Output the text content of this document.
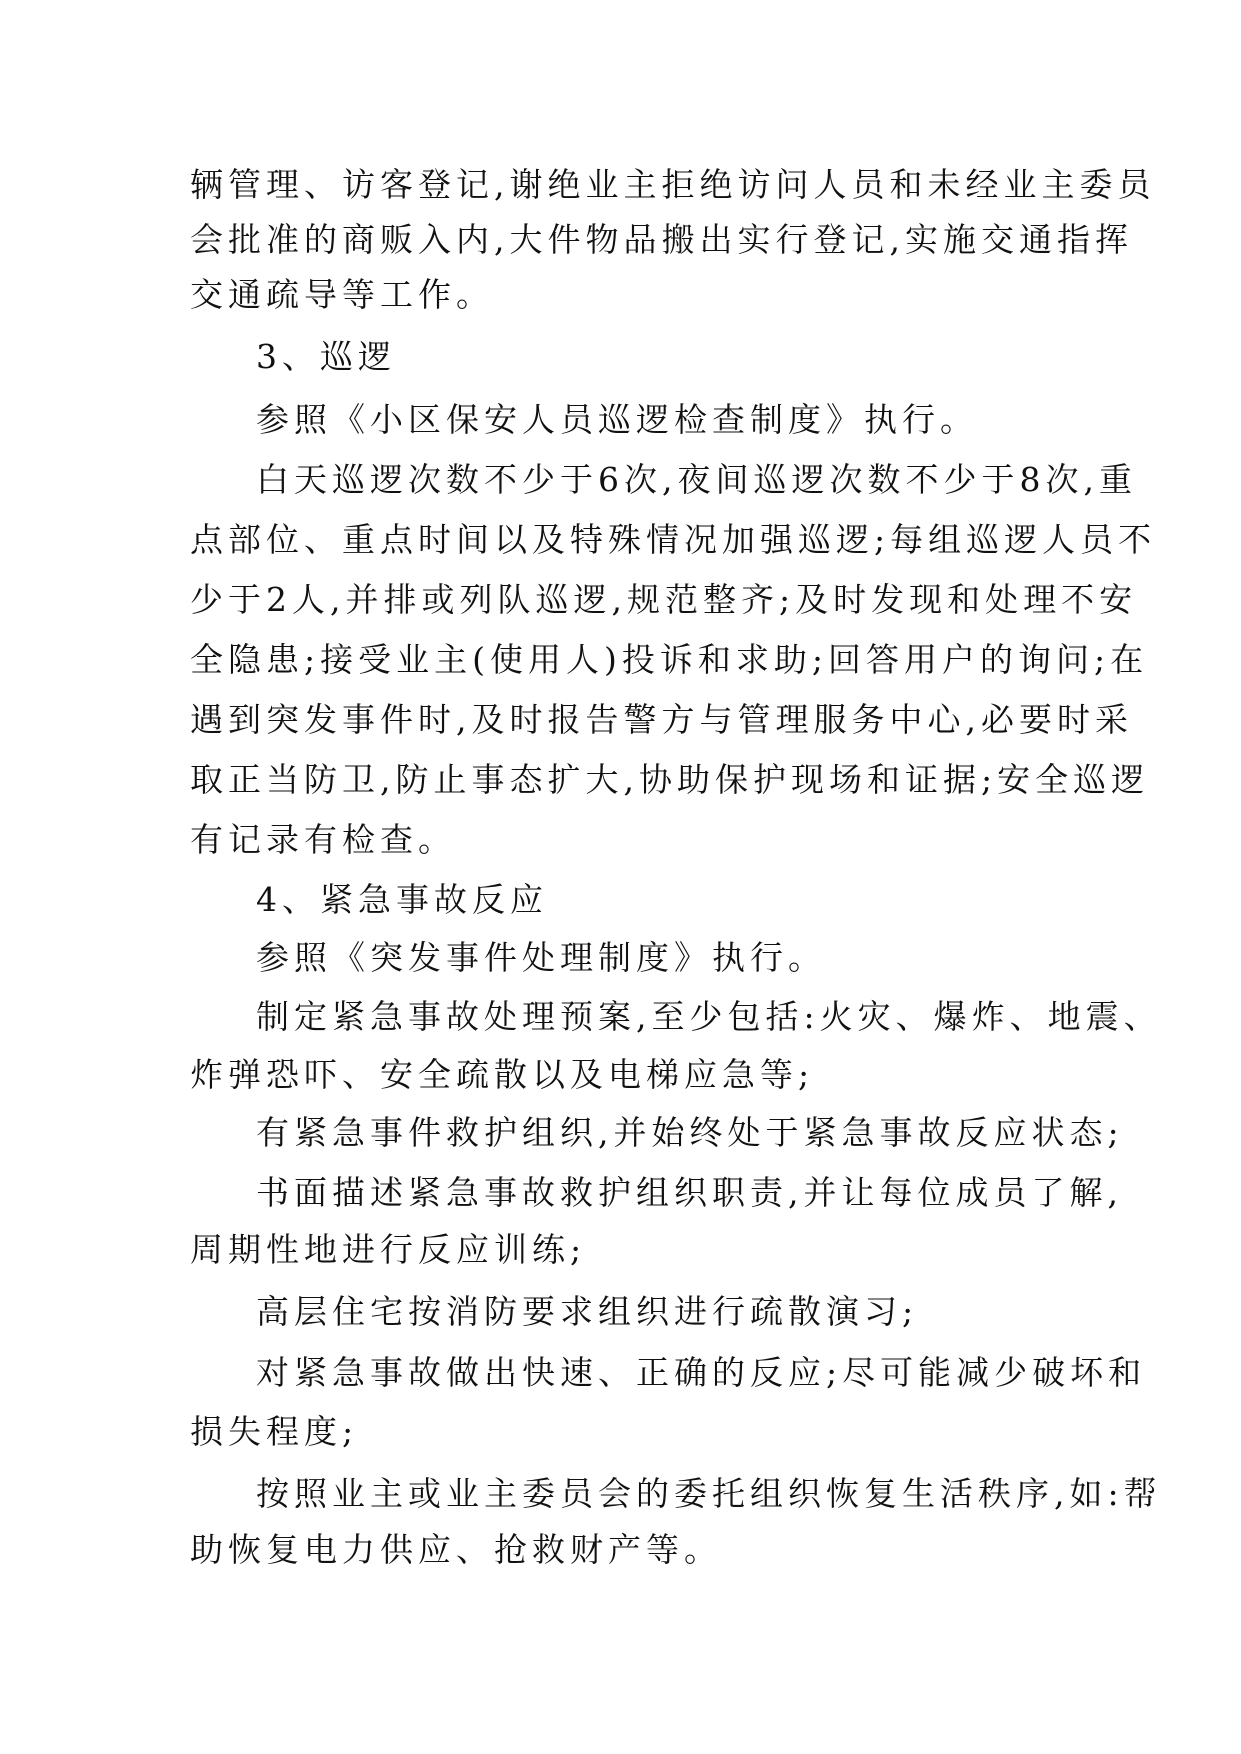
辆管理、访客登记,谢绝业主拒绝访问人员和未经业主委员
会批准的商贩入内,大件物品搬出实行登记,实施交通指挥
交通疏导等工作。
3、巡逻
参照《小区保安人员巡逻检查制度》执行。
白天巡逻次数不少于6次,夜间巡逻次数不少于8次,重
点部位、重点时间以及特殊情况加强巡逻;每组巡逻人员不
少于2人,并排或列队巡逻,规范整齐;及时发现和处理不安
全隐患;接受业主(使用人)投诉和求助;回答用户的询问;在
遇到突发事件时,及时报告警方与管理服务中心,必要时采
取正当防卫,防止事态扩大,协助保护现场和证据;安全巡逻
有记录有检查。
4、紧急事故反应
参照《突发事件处理制度》执行。
制定紧急事故处理预案,至少包括:火灾、爆炸、地震、
炸弹恐吓、安全疏散以及电梯应急等;
有紧急事件救护组织,并始终处于紧急事故反应状态;
书面描述紧急事故救护组织职责,并让每位成员了解,
周期性地进行反应训练;
高层住宅按消防要求组织进行疏散演习;
对紧急事故做出快速、正确的反应;尽可能减少破坏和
损失程度;
按照业主或业主委员会的委托组织恢复生活秩序,如:帮
助恢复电力供应、抢救财产等。
